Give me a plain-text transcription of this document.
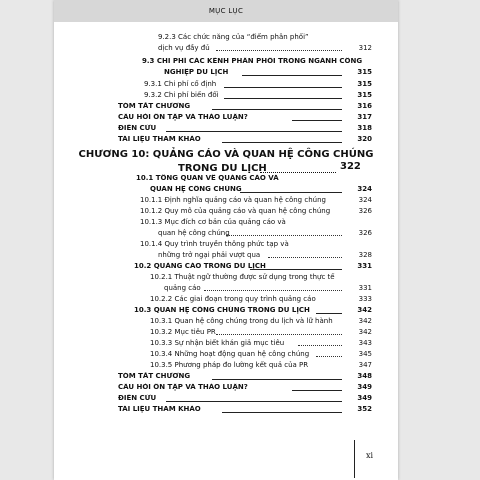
MỤC LỤC
9.2.3 Các chức năng của “điểm phân phối”
dịch vụ đầy đủ	312
9.3 CHI PHÍ CÁC KÊNH PHÂN PHỐI TRONG NGÀNH CÔNG
NGHIỆP DU LỊCH	315
9.3.1 Chi phí cố định	315
9.3.2 Chi phí biến đổi	315
TÓM TẮT CHƯƠNG	316
CÂU HỎI ÔN TẬP VÀ THẢO LUẬN?	317
ĐIỀN CỨU	318
TÀI LIỆU THAM KHẢO	320
CHƯƠNG 10: QUẢNG CÁO VÀ QUAN HỆ CÔNG CHÚNG
TRONG DU LỊCH	322
10.1 TỔNG QUAN VỀ QUẢNG CÁO VÀ
QUAN HỆ CÔNG CHÚNG	324
10.1.1 Định nghĩa quảng cáo và quan hệ công chúng	324
10.1.2 Quy mô của quảng cáo và quan hệ công chúng	326
10.1.3 Mục đích cơ bản của quảng cáo và
quan hệ công chúng	326
10.1.4 Quy trình truyền thông phức tạp và
những trở ngại phải vượt qua	328
10.2 QUẢNG CÁO TRONG DU LỊCH	331
10.2.1 Thuật ngữ thường được sử dụng trong thực tế
quảng cáo	331
10.2.2 Các giai đoạn trong quy trình quảng cáo	333
10.3 QUAN HỆ CÔNG CHÚNG TRONG DU LỊCH	342
10.3.1 Quan hệ công chúng trong du lịch và lữ hành	342
10.3.2 Mục tiêu PR	342
10.3.3 Sự nhận biết khán giả mục tiêu	343
10.3.4 Những hoạt động quan hệ công chúng	345
10.3.5 Phương pháp đo lường kết quả của PR	347
TÓM TẮT CHƯƠNG	348
CÂU HỎI ÔN TẬP VÀ THẢO LUẬN?	349
ĐIỀN CỨU	349
TÀI LIỆU THAM KHẢO	352
xi
